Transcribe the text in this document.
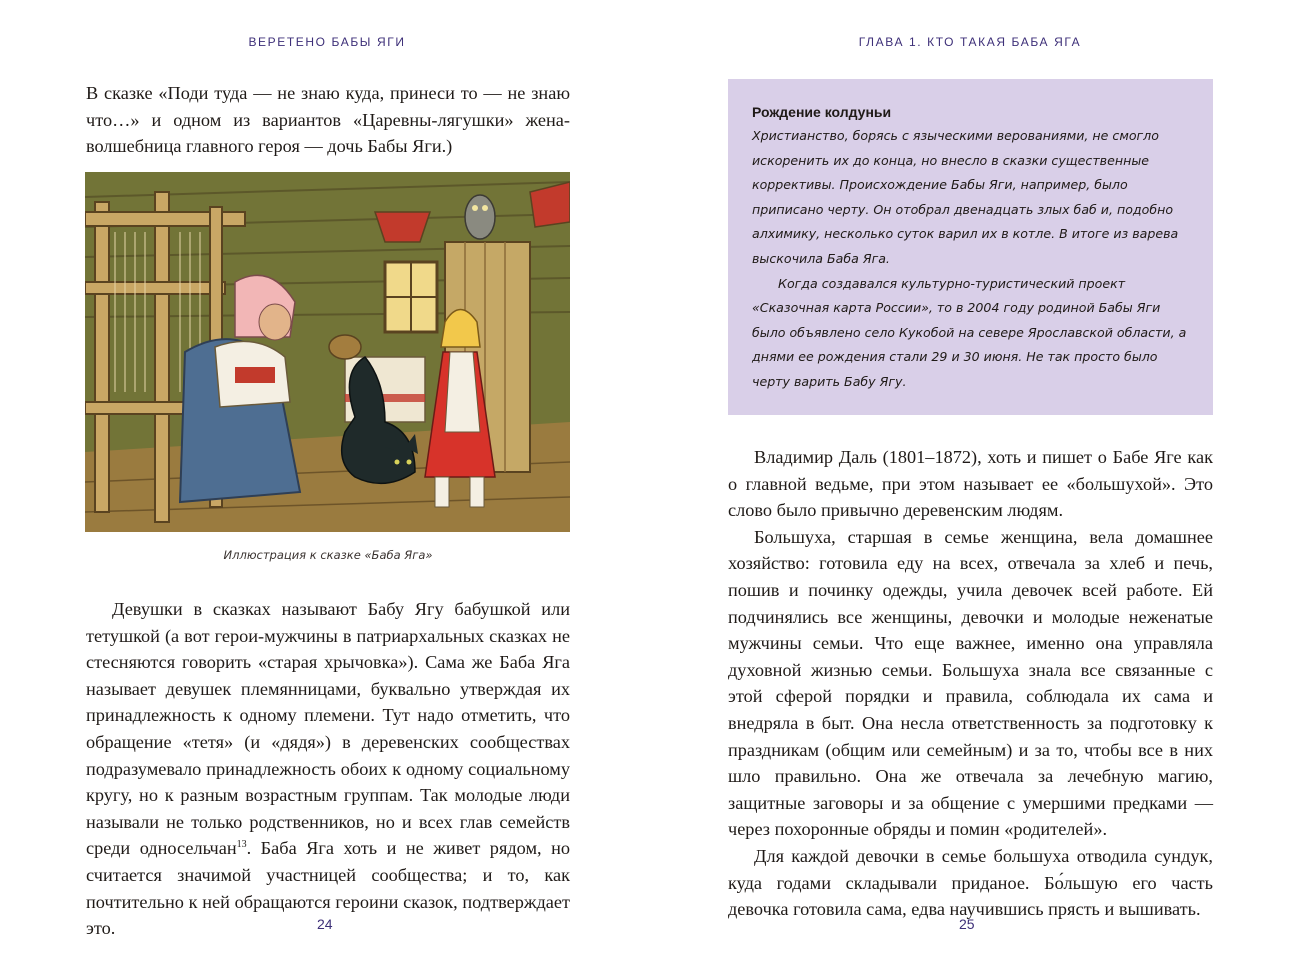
ВЕРЕТЕНО БАБЫ ЯГИ

В сказке «Поди туда — не знаю куда, принеси то — не знаю что…» и одном из вариантов «Царевны-лягушки» жена-волшебница главного героя — дочь Бабы Яги.)

Иллюстрация к сказке «Баба Яга»

Девушки в сказках называют Бабу Ягу бабушкой или тетушкой (а вот герои-мужчины в патриархальных сказках не стесняются говорить «старая хрычовка»). Сама же Баба Яга называет девушек племянницами, буквально утверждая их принадлежность к одному племени. Тут надо отметить, что обращение «тетя» (и «дядя») в деревенских сообществах подразумевало принадлежность обоих к одному социальному кругу, но к разным возрастным группам. Так молодые люди называли не только родственников, но и всех глав семейств среди односельчан$^{13}$. Баба Яга хоть и не живет рядом, но считается значимой участницей сообщества; и то, как почтительно к ней обращаются героини сказок, подтверждает это.	24
ГЛАВА 1. КТО ТАКАЯ БАБА ЯГА
Рождение колдуньи

Христианство, борясь с языческими верованиями, не смогло искоренить их до конца, но внесло в сказки существенные коррективы. Происхождение Бабы Яги, например, было приписано черту. Он отобрал двенадцать злых баб и, подобно алхимику, несколько суток варил их в котле. В итоге из варева выскочила Баба Яга.

Когда создавался культурно-туристический проект «Сказочная карта России», то в 2004 году родиной Бабы Яги было объявлено село Кукобой на севере Ярославской области, а днями ее рождения стали 29 и 30 июня. Не так просто было черту варить Бабу Ягу.

Владимир Даль (1801–1872), хоть и пишет о Бабе Яге как о главной ведьме, при этом называет ее «большухой». Это слово было привычно деревенским людям.

Большуха, старшая в семье женщина, вела домашнее хозяйство: готовила еду на всех, отвечала за хлеб и печь, пошив и починку одежды, учила девочек всей работе. Ей подчинялись все женщины, девочки и молодые неженатые мужчины семьи. Что еще важнее, именно она управляла духовной жизнью семьи. Большуха знала все связанные с этой сферой порядки и правила, соблюдала их сама и внедряла в быт. Она несла ответственность за подготовку к праздникам (общим или семейным) и за то, чтобы все в них шло правильно. Она же отвечала за лечебную магию, защитные заговоры и за общение с умершими предками — через похоронные обряды и помин «родителей».

Для каждой девочки в семье большуха отводила сундук, куда годами складывали приданое. Бо́льшую его часть девочка готовила сама, едва научившись прясть и вышивать.

25
